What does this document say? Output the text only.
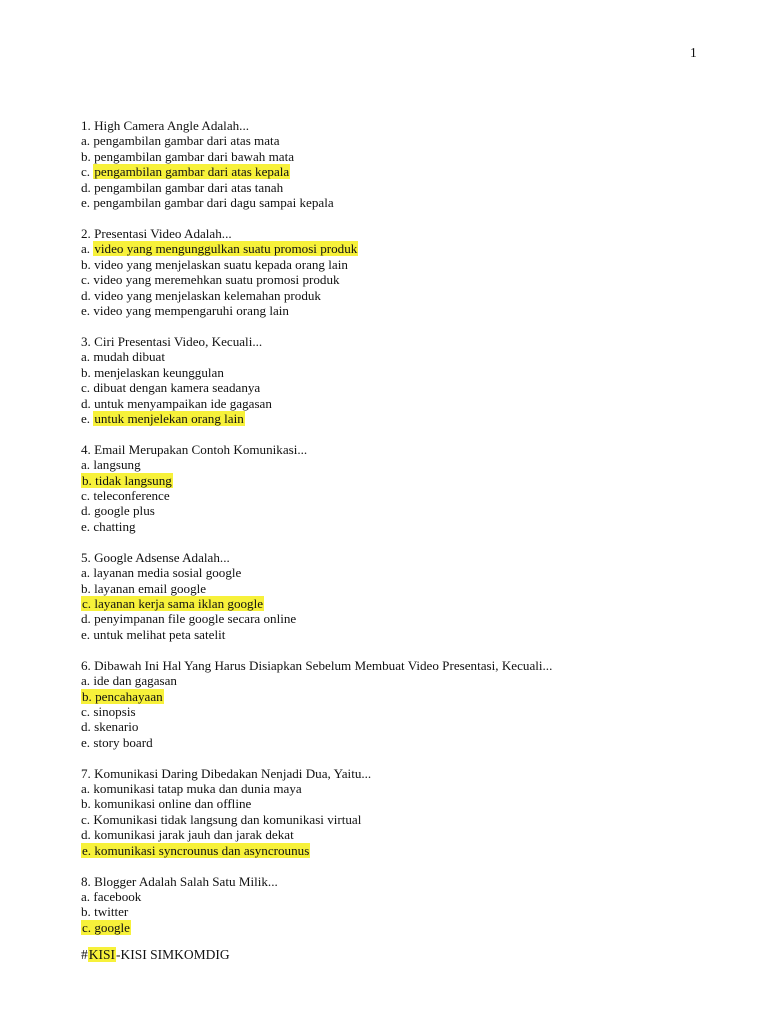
1
1. High Camera Angle Adalah...
a. pengambilan gambar dari atas mata
b. pengambilan gambar dari bawah mata
c. pengambilan gambar dari atas kepala
d. pengambilan gambar dari atas tanah
e. pengambilan gambar dari dagu sampai kepala
2. Presentasi Video Adalah...
a. video yang mengunggulkan suatu promosi produk
b. video yang menjelaskan suatu kepada orang lain
c. video yang meremehkan suatu promosi produk
d. video yang menjelaskan kelemahan produk
e. video yang mempengaruhi orang lain
3. Ciri Presentasi Video, Kecuali...
a. mudah dibuat
b. menjelaskan keunggulan
c. dibuat dengan kamera seadanya
d. untuk menyampaikan ide gagasan
e. untuk menjelekan orang lain
4. Email Merupakan Contoh Komunikasi...
a. langsung
b. tidak langsung
c. teleconference
d. google plus
e. chatting
5. Google Adsense Adalah...
a. layanan media sosial google
b. layanan email google
c. layanan kerja sama iklan google
d. penyimpanan file google secara online
e. untuk melihat peta satelit
6. Dibawah Ini Hal Yang Harus Disiapkan Sebelum Membuat Video Presentasi, Kecuali...
a. ide dan gagasan
b. pencahayaan
c. sinopsis
d. skenario
e. story board
7. Komunikasi Daring Dibedakan Nenjadi Dua, Yaitu...
a. komunikasi tatap muka dan dunia maya
b. komunikasi online dan offline
c. Komunikasi tidak langsung dan komunikasi virtual
d. komunikasi jarak jauh dan jarak dekat
e. komunikasi syncrounus dan asyncrounus
8. Blogger Adalah Salah Satu Milik...
a. facebook
b. twitter
c. google
#KISI-KISI SIMKOMDIG
